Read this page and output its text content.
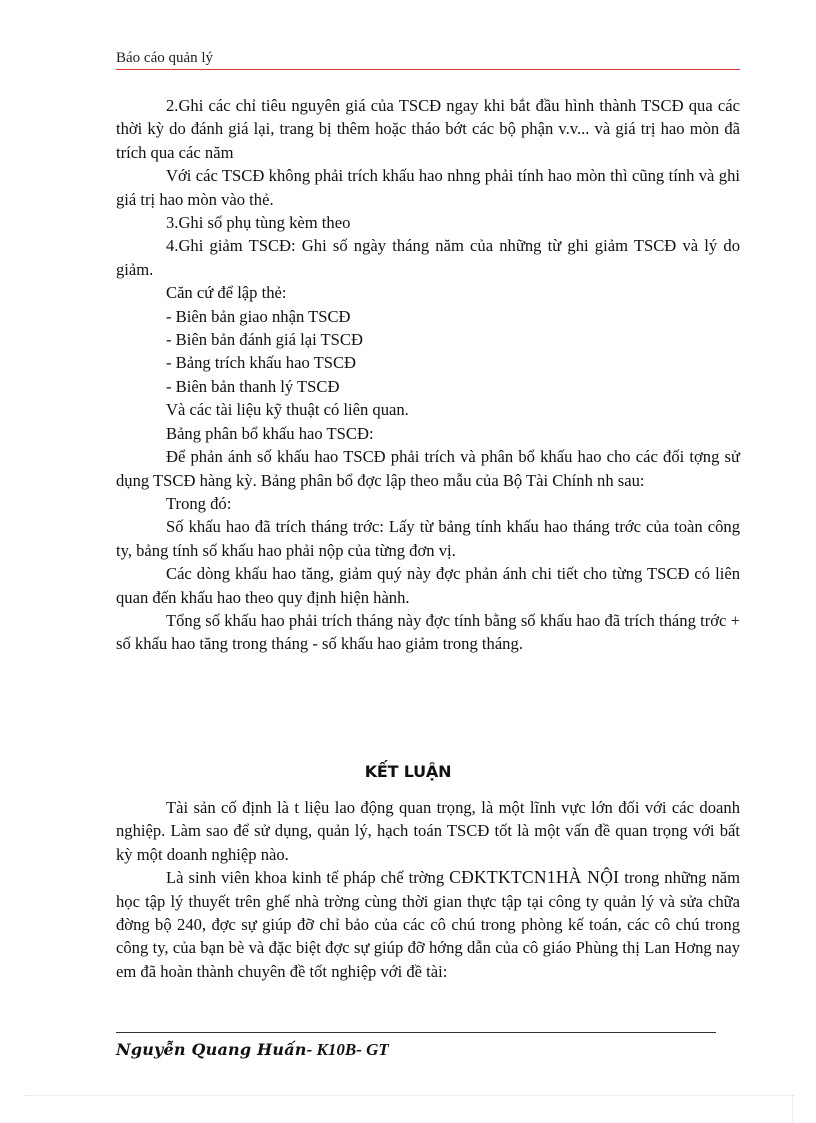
Báo cáo quản lý

2.Ghi các chỉ tiêu nguyên giá của TSCĐ ngay khi bắt đầu hình thành TSCĐ qua các thời kỳ do đánh giá lại, trang bị thêm hoặc tháo bớt các bộ phận v.v... và giá trị hao mòn đã trích qua các năm

Với các TSCĐ không phải trích khấu hao nhng phải tính hao mòn thì cũng tính và ghi giá trị hao mòn vào thẻ.

3.Ghi số phụ tùng kèm theo

4.Ghi giảm TSCĐ: Ghi số ngày tháng năm của những từ ghi giảm TSCĐ và lý do giảm.

Căn cứ để lập thẻ:

- Biên bản giao nhận TSCĐ

- Biên bản đánh giá lại TSCĐ

- Bảng trích khấu hao TSCĐ

- Biên bản thanh lý TSCĐ

Và các tài liệu kỹ thuật có liên quan.

Bảng phân bổ khấu hao TSCĐ:

Để phản ánh số khấu hao TSCĐ phải trích và phân bổ khấu hao cho các đối tợng sử dụng TSCĐ hàng kỳ. Bảng phân bổ đợc lập theo mẫu của Bộ Tài Chính nh sau:

Trong đó:

Số khấu hao đã trích tháng trớc: Lấy từ bảng tính khấu hao tháng trớc của toàn công ty, bảng tính số khấu hao phải nộp của từng đơn vị.

Các dòng khấu hao tăng, giảm quý này đợc phản ánh chi tiết cho từng TSCĐ có liên quan đến khấu hao theo quy định hiện hành.

Tổng số khấu hao phải trích tháng này đợc tính bằng số khấu hao đã trích tháng trớc + số khấu hao tăng trong tháng - số khấu hao giảm trong tháng.

KẾT LUẬN

Tài sản cố định là t liệu lao động quan trọng, là một lĩnh vực lớn đối với các doanh nghiệp. Làm sao để sử dụng, quản lý, hạch toán TSCĐ tốt là một vấn đề quan trọng với bất kỳ một doanh nghiệp nào.

Là sinh viên khoa kinh tế pháp chế trờng CĐKTKTCN1HÀ NỘI trong những năm học tập lý thuyết trên ghế nhà trờng cùng thời gian thực tập tại công ty quản lý và sửa chữa đờng bộ 240, đợc sự giúp đỡ chỉ bảo của các cô chú trong phòng kế toán, các cô chú trong công ty, của bạn bè và đặc biệt đợc sự giúp đỡ hớng dẫn của cô giáo Phùng thị Lan Hơng nay em đã hoàn thành chuyên đề tốt nghiệp với đề tài:

Nguyễn Quang Huấn- K10B- GT
